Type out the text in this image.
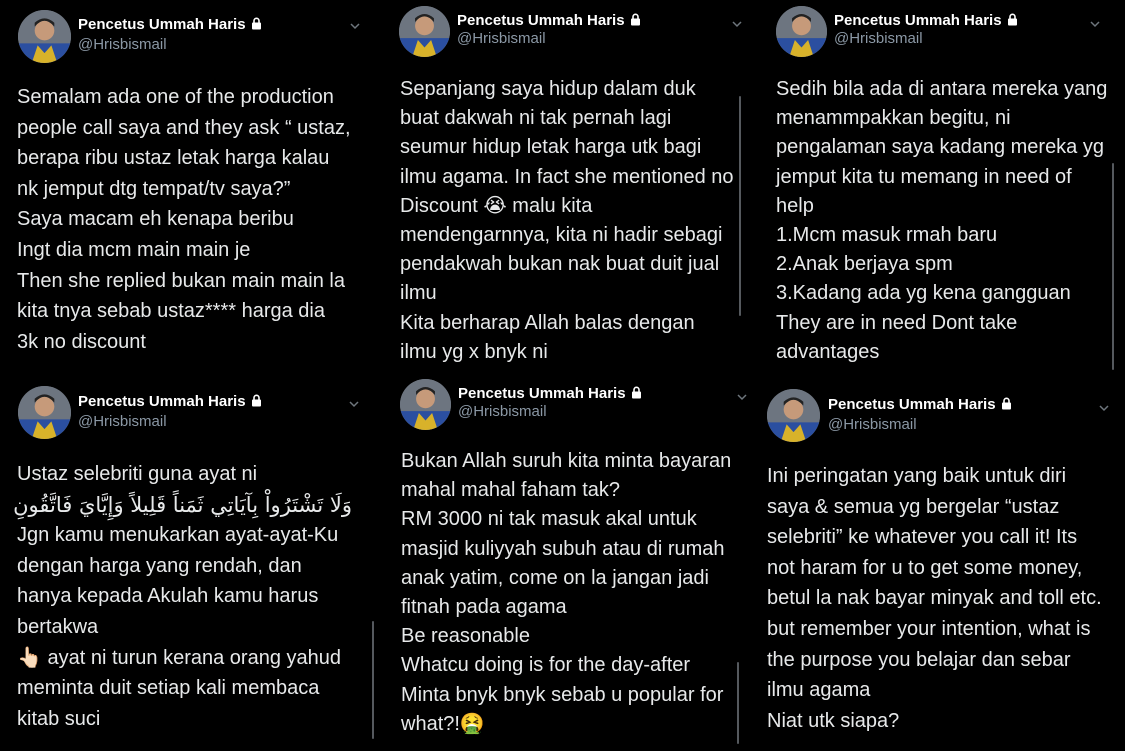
Pencetus Ummah Haris
@Hrisbismail
Semalam ada one of the production
people call saya and they ask “ ustaz,
berapa ribu ustaz letak harga kalau
nk jemput dtg tempat/tv saya?”
Saya macam eh kenapa beribu
Ingt dia mcm main main je
Then she replied bukan main main la
kita tnya sebab ustaz**** harga dia
3k no discount
Pencetus Ummah Haris
@Hrisbismail
Sepanjang saya hidup dalam duk
buat dakwah ni tak pernah lagi
seumur hidup letak harga utk bagi
ilmu agama. In fact she mentioned no
Discount 😭 malu kita
mendengarnnya, kita ni hadir sebagi
pendakwah bukan nak buat duit jual
ilmu
Kita berharap Allah balas dengan
ilmu yg x bnyk ni
Pencetus Ummah Haris
@Hrisbismail
Sedih bila ada di antara mereka yang
menammpakkan begitu, ni
pengalaman saya kadang mereka yg
jemput kita tu memang in need of
help
1.Mcm masuk rmah baru
2.Anak berjaya spm
3.Kadang ada yg kena gangguan
They are in need Dont take
advantages
Pencetus Ummah Haris
@Hrisbismail
Ustaz selebriti guna ayat ni
وَلَا تَشْتَرُواْ بِآيَاتِي ثَمَناً قَلِيلاً وَإِيَّايَ فَاتَّقُونِ
Jgn kamu menukarkan ayat-ayat-Ku
dengan harga yang rendah, dan
hanya kepada Akulah kamu harus
bertakwa
👆🏻 ayat ni turun kerana orang yahud
meminta duit setiap kali membaca
kitab suci
Pencetus Ummah Haris
@Hrisbismail
Bukan Allah suruh kita minta bayaran
mahal mahal faham tak?
RM 3000 ni tak masuk akal untuk
masjid kuliyyah subuh atau di rumah
anak yatim, come on la jangan jadi
fitnah pada agama
Be reasonable
Whatcu doing is for the day-after
Minta bnyk bnyk sebab u popular for
what?!🤮
Pencetus Ummah Haris
@Hrisbismail
Ini peringatan yang baik untuk diri
saya & semua yg bergelar “ustaz
selebriti” ke whatever you call it! Its
not haram for u to get some money,
betul la nak bayar minyak and toll etc.
but remember your intention, what is
the purpose you belajar dan sebar
ilmu agama
Niat utk siapa?
